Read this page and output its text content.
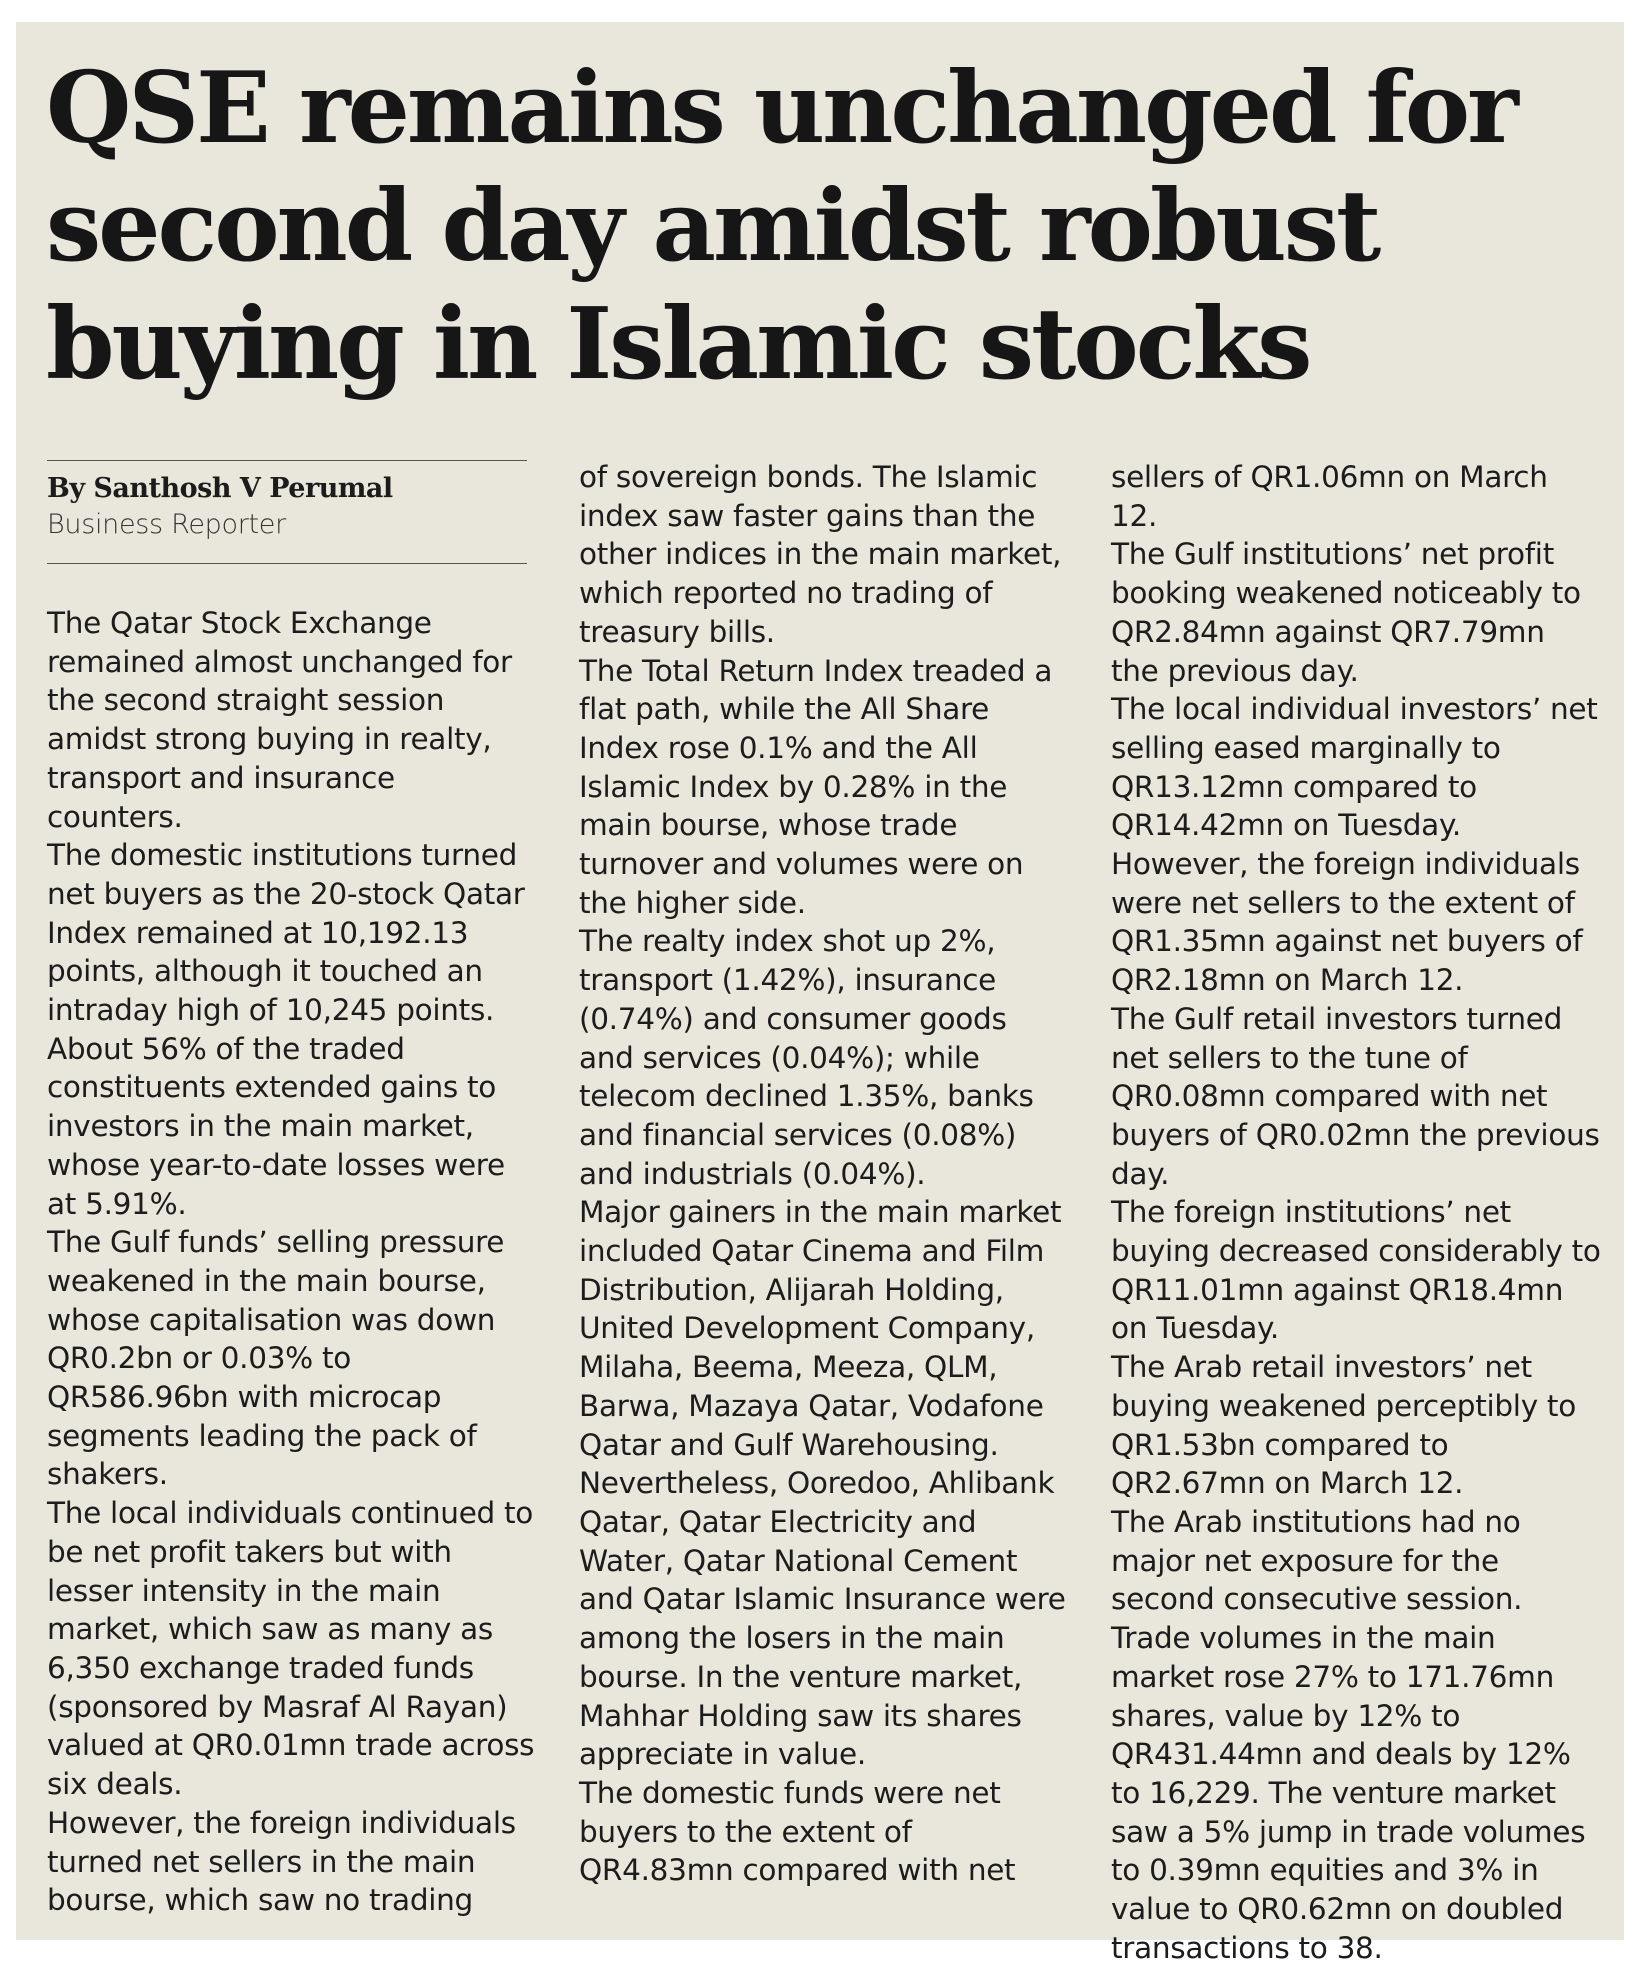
QSE remains unchanged for
second day amidst robust
buying in Islamic stocks
By Santhosh V Perumal
Business Reporter

The Qatar Stock Exchange remained almost unchanged for the second straight session amidst strong buying in realty, transport and insurance counters.

The domestic institutions turned net buyers as the 20-stock Qatar Index remained at 10,192.13 points, although it touched an intraday high of 10,245 points.

About 56% of the traded constituents extended gains to investors in the main market, whose year-to-date losses were at 5.91%.

The Gulf funds’ selling pressure weakened in the main bourse, whose capitalisation was down QR0.2bn or 0.03% to QR586.96bn with microcap segments leading the pack of shakers.

The local individuals continued to be net profit takers but with lesser intensity in the main market, which saw as many as 6,350 exchange traded funds (sponsored by Masraf Al Rayan) valued at QR0.01mn trade across six deals.

However, the foreign individuals turned net sellers in the main bourse, which saw no trading

of sovereign bonds. The Islamic index saw faster gains than the other indices in the main market, which reported no trading of treasury bills.

The Total Return Index treaded a flat path, while the All Share Index rose 0.1% and the All Islamic Index by 0.28% in the main bourse, whose trade turnover and volumes were on the higher side.

The realty index shot up 2%, transport (1.42%), insurance (0.74%) and consumer goods and services (0.04%); while telecom declined 1.35%, banks and financial services (0.08%) and industrials (0.04%).

Major gainers in the main market included Qatar Cinema and Film Distribution, Alijarah Holding, United Development Company, Milaha, Beema, Meeza, QLM, Barwa, Mazaya Qatar, Vodafone Qatar and Gulf Warehousing.

Nevertheless, Ooredoo, Ahlibank Qatar, Qatar Electricity and Water, Qatar National Cement and Qatar Islamic Insurance were among the losers in the main bourse. In the venture market, Mahhar Holding saw its shares appreciate in value.

The domestic funds were net buyers to the extent of QR4.83mn compared with net

sellers of QR1.06mn on March 12.

The Gulf institutions’ net profit booking weakened noticeably to QR2.84mn against QR7.79mn the previous day.

The local individual investors’ net selling eased marginally to QR13.12mn compared to QR14.42mn on Tuesday.

However, the foreign individuals were net sellers to the extent of QR1.35mn against net buyers of QR2.18mn on March 12.

The Gulf retail investors turned net sellers to the tune of QR0.08mn compared with net buyers of QR0.02mn the previous day.

The foreign institutions’ net buying decreased considerably to QR11.01mn against QR18.4mn on Tuesday.

The Arab retail investors’ net buying weakened perceptibly to QR1.53bn compared to QR2.67mn on March 12.

The Arab institutions had no major net exposure for the second consecutive session.

Trade volumes in the main market rose 27% to 171.76mn shares, value by 12% to QR431.44mn and deals by 12% to 16,229. The venture market saw a 5% jump in trade volumes to 0.39mn equities and 3% in value to QR0.62mn on doubled transactions to 38.
